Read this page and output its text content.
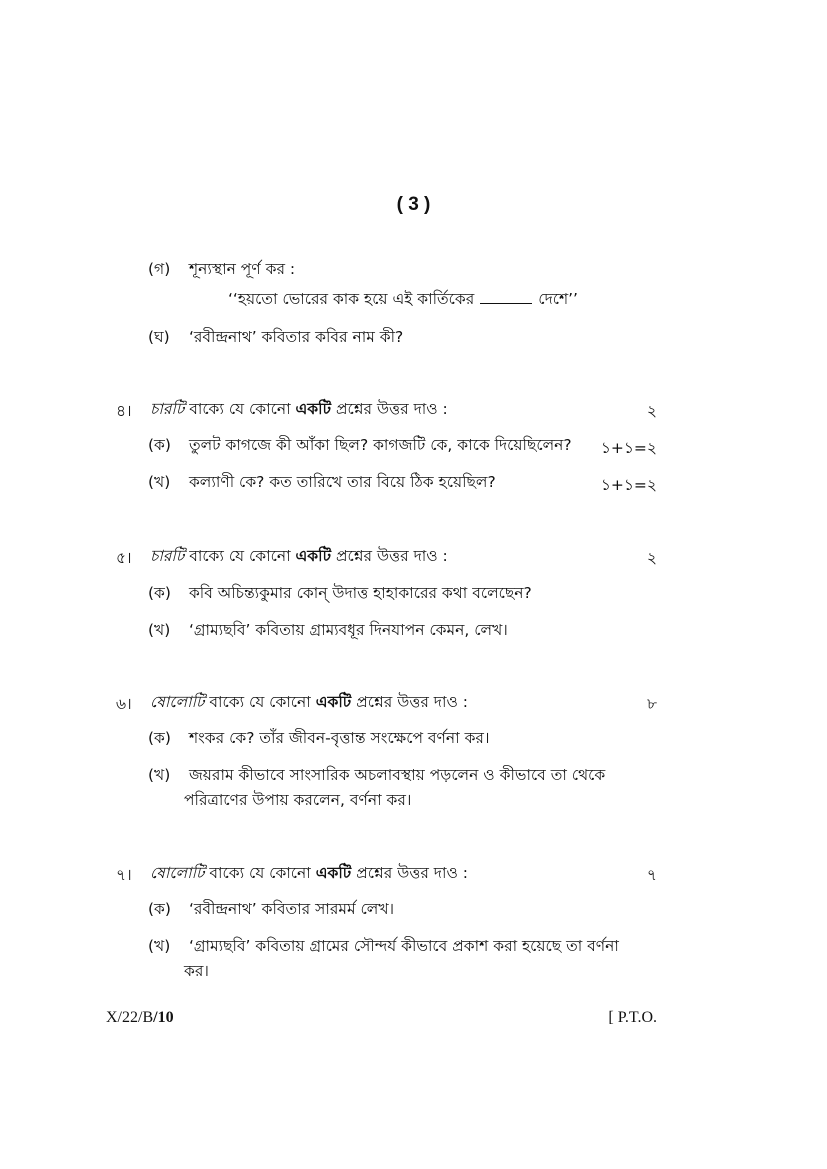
( 3 )
(গ) শূন্যস্থান পূর্ণ কর :
‘‘হয়তো ভোরের কাক হয়ে এই কার্তিকের	দেশে’’
(ঘ) ‘রবীন্দ্রনাথ’ কবিতার কবির নাম কী?
৪। চারটি বাক্যে যে কোনো একটি প্রশ্নের উত্তর দাও :	২
(ক) তুলট কাগজে কী আঁকা ছিল? কাগজটি কে, কাকে দিয়েছিলেন? ১+১=২
(খ) কল্যাণী কে? কত তারিখে তার বিয়ে ঠিক হয়েছিল?	১+১=২
৫। চারটি বাক্যে যে কোনো একটি প্রশ্নের উত্তর দাও :	২
(ক) কবি অচিন্ত্যকুমার কোন্ উদাত্ত হাহাকারের কথা বলেছেন?
(খ) ‘গ্রাম্যছবি’ কবিতায় গ্রাম্যবধূর দিনযাপন কেমন, লেখ।
৬। ষোলোটি বাক্যে যে কোনো একটি প্রশ্নের উত্তর দাও :	৮
(ক) শংকর কে? তাঁর জীবন-বৃত্তান্ত সংক্ষেপে বর্ণনা কর।
(খ) জয়রাম কীভাবে সাংসারিক অচলাবস্থায় পড়লেন ও কীভাবে তা থেকে
পরিত্রাণের উপায় করলেন, বর্ণনা কর।
৭। ষোলোটি বাক্যে যে কোনো একটি প্রশ্নের উত্তর দাও :	৭
(ক) ‘রবীন্দ্রনাথ’ কবিতার সারমর্ম লেখ।
(খ) ‘গ্রাম্যছবি’ কবিতায় গ্রামের সৌন্দর্য কীভাবে প্রকাশ করা হয়েছে তা বর্ণনা
কর।
X/22/B/10	[ P.T.O.
